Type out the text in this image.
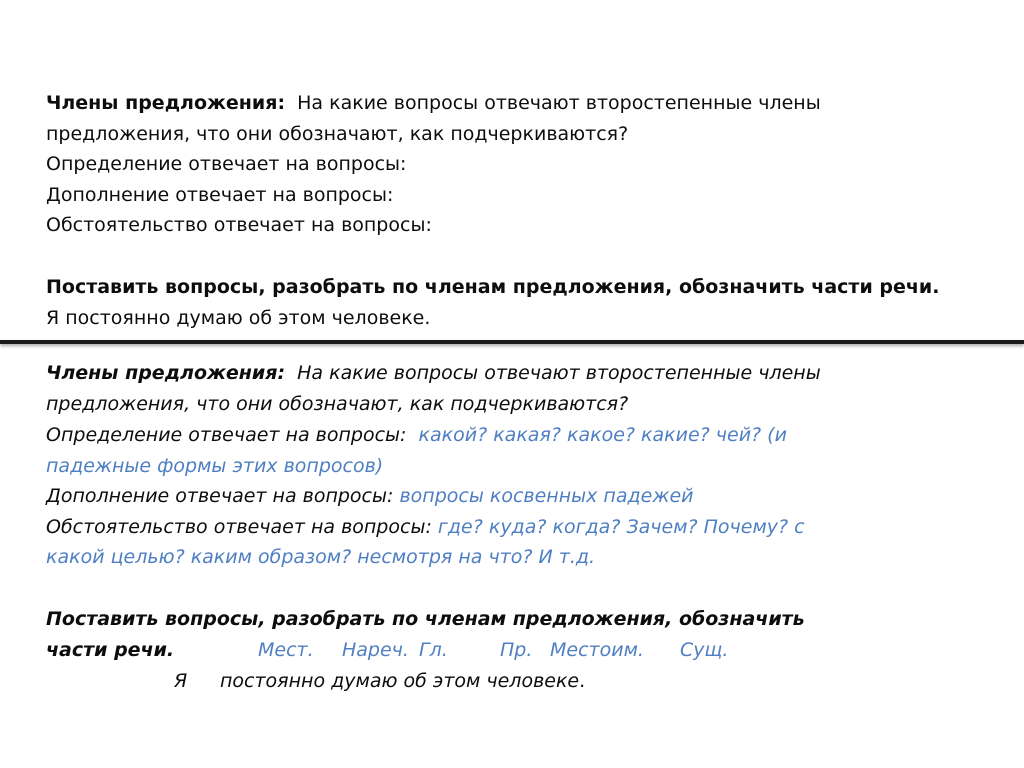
Члены предложения: На какие вопросы отвечают второстепенные члены
предложения, что они обозначают, как подчеркиваются?
Определение отвечает на вопросы:
Дополнение отвечает на вопросы:
Обстоятельство отвечает на вопросы:
Поставить вопросы, разобрать по членам предложения, обозначить части речи.
Я постоянно думаю об этом человеке.
Члены предложения: На какие вопросы отвечают второстепенные члены
предложения, что они обозначают, как подчеркиваются?
Определение отвечает на вопросы: какой? какая? какое? какие? чей? (и
падежные формы этих вопросов)
Дополнение отвечает на вопросы: вопросы косвенных падежей
Обстоятельство отвечает на вопросы: где? куда? когда? Зачем? Почему? с
какой целью? каким образом? несмотря на что? И т.д.
Поставить вопросы, разобрать по членам предложения, обозначить
части речи.	Мест. Нареч. Гл.	Пр. Местоим. Сущ.
Я постоянно думаю об этом человеке.
